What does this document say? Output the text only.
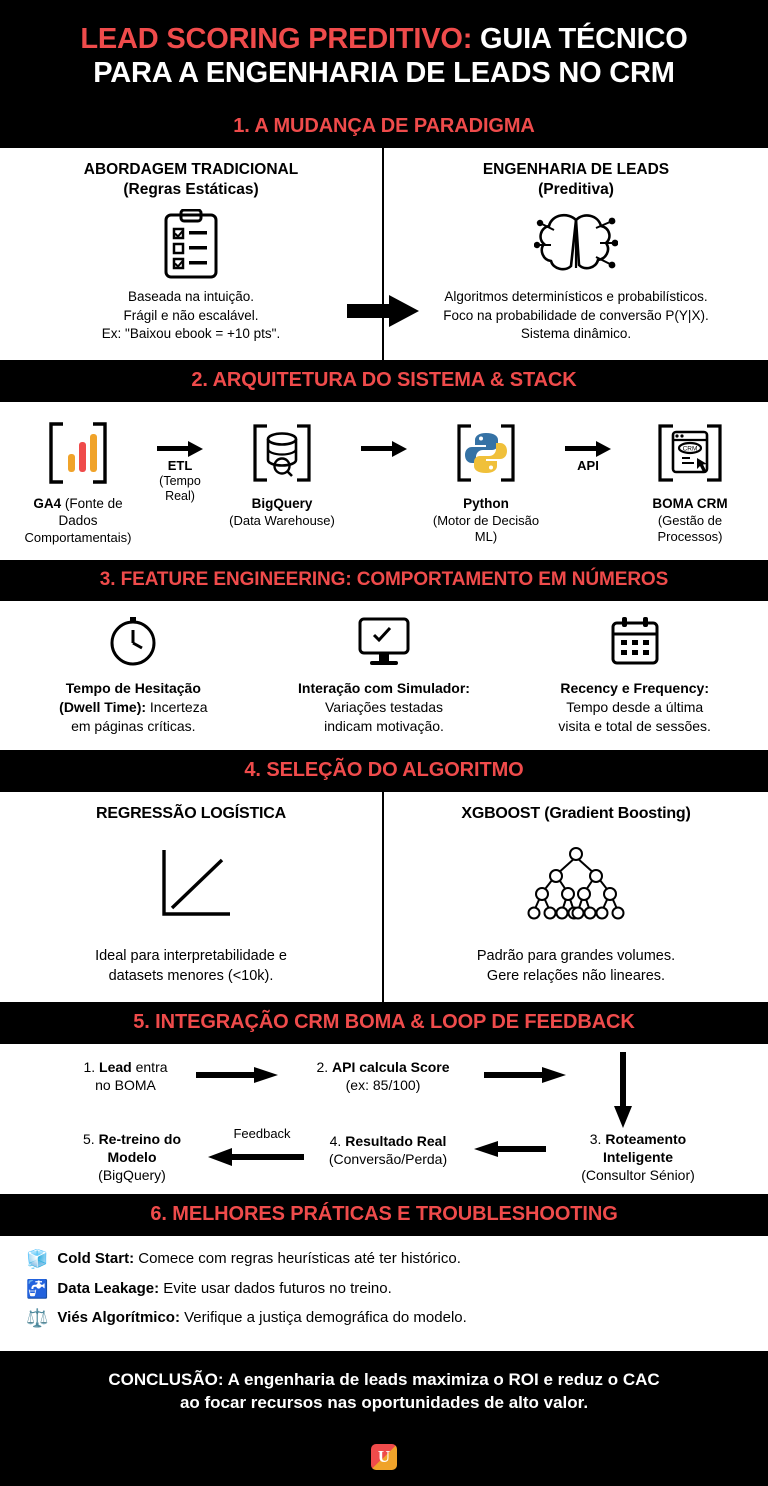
LEAD SCORING PREDITIVO: GUIA TÉCNICO
PARA A ENGENHARIA DE LEADS NO CRM
1. A MUDANÇA DE PARADIGMA
ABORDAGEM TRADICIONAL
(Regras Estáticas)
Baseada na intuição.
Frágil e não escalável.
Ex: "Baixou ebook = +10 pts".
ENGENHARIA DE LEADS
(Preditiva)
Algoritmos determinísticos e probabilísticos.
Foco na probabilidade de conversão P(Y|X).
Sistema dinâmico.
2. ARQUITETURA DO SISTEMA & STACK
GA4 (Fonte de Dados
Comportamentais)
ETL
(Tempo Real)
BigQuery
(Data Warehouse)
Python
(Motor de Decisão ML)
API
CRM
BOMA CRM
(Gestão de Processos)
3. FEATURE ENGINEERING: COMPORTAMENTO EM NÚMEROS
Tempo de Hesitação
(Dwell Time): Incerteza
em páginas críticas.
Interação com Simulador:
Variações testadas
indicam motivação.
Recency e Frequency:
Tempo desde a última
visita e total de sessões.
4. SELEÇÃO DO ALGORITMO
REGRESSÃO LOGÍSTICA
Ideal para interpretabilidade e
datasets menores (<10k).
XGBOOST (Gradient Boosting)
Padrão para grandes volumes.
Gere relações não lineares.
5. INTEGRAÇÃO CRM BOMA & LOOP DE FEEDBACK
1. Lead entra
no BOMA
2. API calcula Score
(ex: 85/100)
3. Roteamento
Inteligente
(Consultor Sénior)
4. Resultado Real
(Conversão/Perda)
Feedback
5. Re-treino do
Modelo
(BigQuery)
6. MELHORES PRÁTICAS E TROUBLESHOOTING
🧊 Cold Start: Comece com regras heurísticas até ter histórico.
🚰 Data Leakage: Evite usar dados futuros no treino.
⚖️ Viés Algorítmico: Verifique a justiça demográfica do modelo.
CONCLUSÃO: A engenharia de leads maximiza o ROI e reduz o CAC
ao focar recursos nas oportunidades de alto valor.
U
